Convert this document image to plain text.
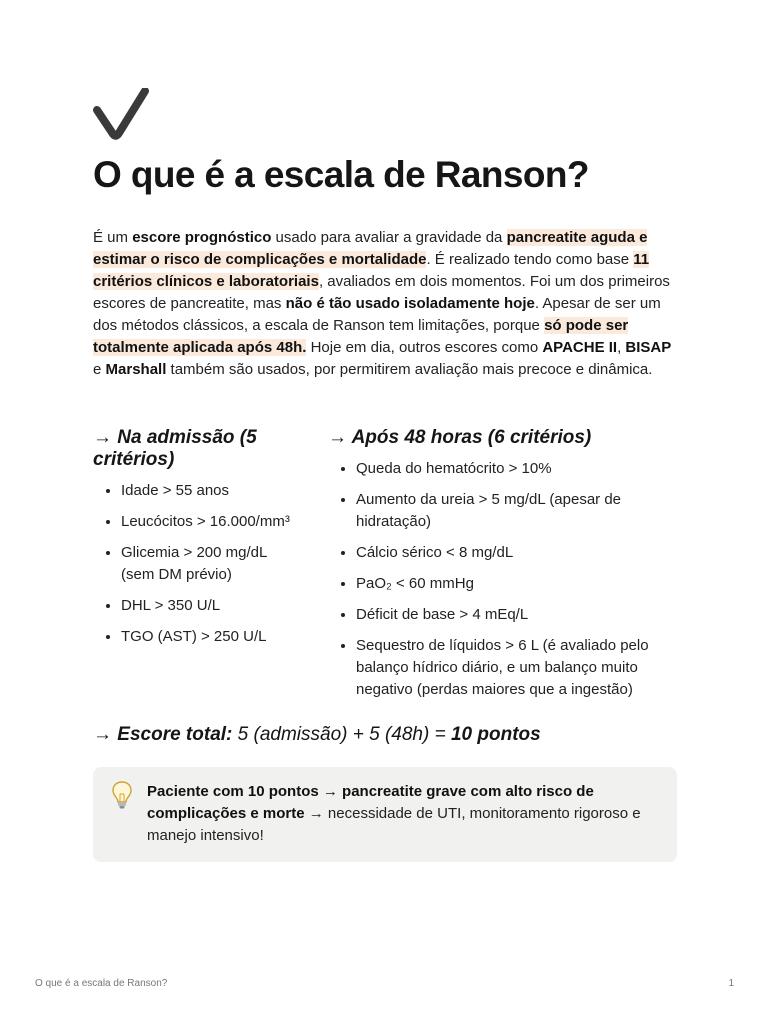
O que é a escala de Ranson?

É um escore prognóstico usado para avaliar a gravidade da pancreatite aguda e estimar o risco de complicações e mortalidade. É realizado tendo como base 11 critérios clínicos e laboratoriais, avaliados em dois momentos. Foi um dos primeiros escores de pancreatite, mas não é tão usado isoladamente hoje. Apesar de ser um dos métodos clássicos, a escala de Ranson tem limitações, porque só pode ser totalmente aplicada após 48h. Hoje em dia, outros escores como APACHE II, BISAP e Marshall também são usados, por permitirem avaliação mais precoce e dinâmica.

→ Na admissão (5 critérios)
• Idade > 55 anos
• Leucócitos > 16.000/mm³
• Glicemia > 200 mg/dL (sem DM prévio)
• DHL > 350 U/L
• TGO (AST) > 250 U/L
→ Após 48 horas (6 critérios)
• Queda do hematócrito > 10%
• Aumento da ureia > 5 mg/dL (apesar de hidratação)
• Cálcio sérico < 8 mg/dL
• PaO₂ < 60 mmHg
• Déficit de base > 4 mEq/L
• Sequestro de líquidos > 6 L (é avaliado pelo balanço hídrico diário, e um balanço muito negativo (perdas maiores que a ingestão)
→ Escore total: 5 (admissão) + 5 (48h) = 10 pontos

Paciente com 10 pontos → pancreatite grave com alto risco de complicações e morte → necessidade de UTI, monitoramento rigoroso e manejo intensivo!

O que é a escala de Ranson?	1
